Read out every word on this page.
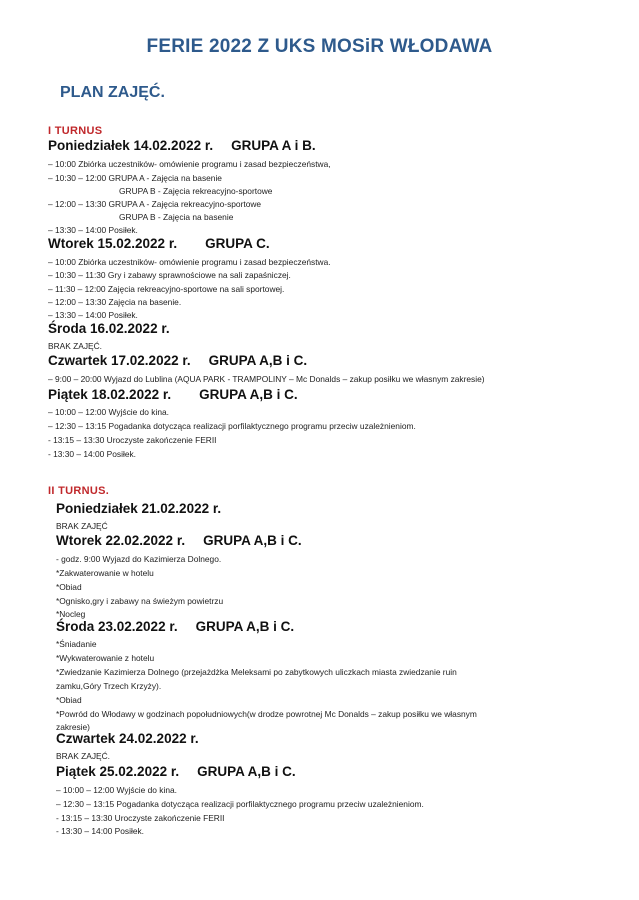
FERIE 2022 Z UKS MOSiR WŁODAWA
PLAN ZAJĘĆ.
I TURNUS
Poniedziałek 14.02.2022 r. GRUPA A i B.
– 10:00 Zbiórka uczestników- omówienie programu i zasad bezpieczeństwa,
– 10:30 – 12:00 GRUPA A - Zajęcia na basenie
GRUPA B - Zajęcia rekreacyjno-sportowe
– 12:00 – 13:30 GRUPA A - Zajęcia rekreacyjno-sportowe
GRUPA B - Zajęcia na basenie
– 13:30 – 14:00 Posiłek.
Wtorek 15.02.2022 r. GRUPA C.
– 10:00 Zbiórka uczestników- omówienie programu i zasad bezpieczeństwa.
– 10:30 – 11:30 Gry i zabawy sprawnościowe na sali zapaśniczej.
– 11:30 – 12:00 Zajęcia rekreacyjno-sportowe na sali sportowej.
– 12:00 – 13:30 Zajęcia na basenie.
– 13:30 – 14:00 Posiłek.
Środa 16.02.2022 r.
BRAK ZAJĘĆ.
Czwartek 17.02.2022 r. GRUPA A,B i C.
– 9:00 – 20:00 Wyjazd do Lublina (AQUA PARK - TRAMPOLINY – Mc Donalds – zakup posiłku we własnym zakresie)
Piątek 18.02.2022 r. GRUPA A,B i C.
– 10:00 – 12:00 Wyjście do kina.
– 12:30 – 13:15 Pogadanka dotycząca realizacji porfilaktycznego programu przeciw uzależnieniom.
- 13:15 – 13:30 Uroczyste zakończenie FERII
- 13:30 – 14:00 Posiłek.
II TURNUS.
Poniedziałek 21.02.2022 r.
BRAK ZAJĘĆ
Wtorek 22.02.2022 r. GRUPA A,B i C.
- godz. 9:00 Wyjazd do Kazimierza Dolnego.
*Zakwaterowanie w hotelu
*Obiad
*Ognisko,gry i zabawy na świeżym powietrzu
*Nocleg
Środa 23.02.2022 r. GRUPA A,B i C.
*Śniadanie
*Wykwaterowanie z hotelu
*Zwiedzanie Kazimierza Dolnego (przejażdżka Meleksami po zabytkowych uliczkach miasta zwiedzanie ruin
zamku,Góry Trzech Krzyży).
*Obiad
*Powród do Włodawy w godzinach popołudniowych(w drodze powrotnej Mc Donalds – zakup posiłku we własnym
zakresie)
Czwartek 24.02.2022 r.
BRAK ZAJĘĆ.
Piątek 25.02.2022 r. GRUPA A,B i C.
– 10:00 – 12:00 Wyjście do kina.
– 12:30 – 13:15 Pogadanka dotycząca realizacji porfilaktycznego programu przeciw uzależnieniom.
- 13:15 – 13:30 Uroczyste zakończenie FERII
- 13:30 – 14:00 Posiłek.
